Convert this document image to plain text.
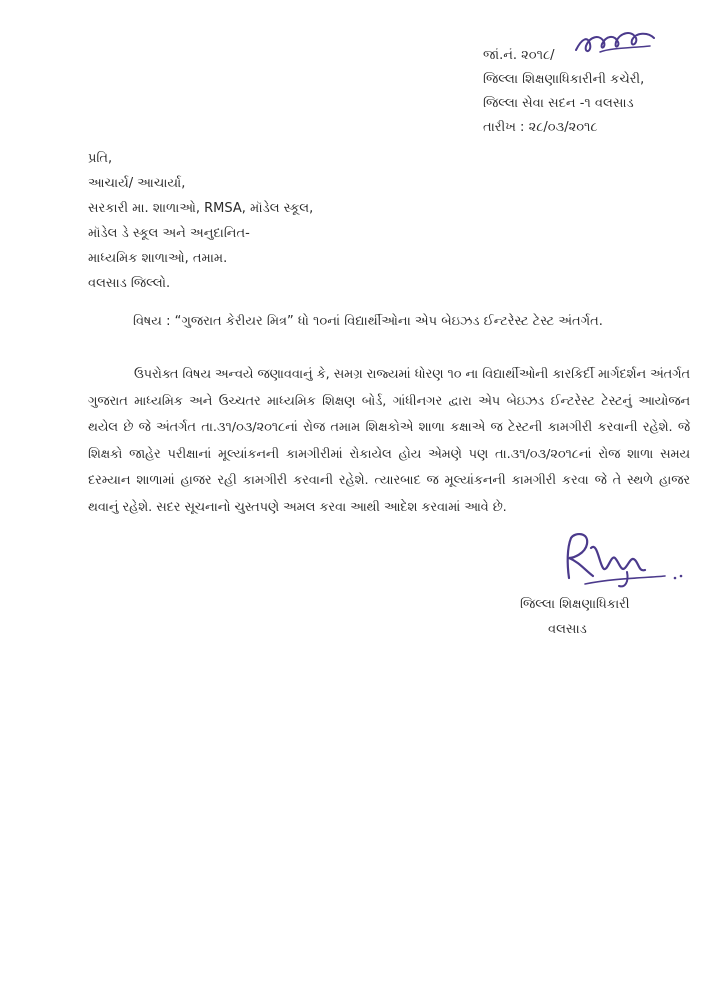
જાં.નં. ૨૦૧૮/
જિલ્લા શિક્ષણાધિકારીની કચેરી,
જિલ્લા સેવા સદન -૧ વલસાડ
તારીખ : ૨૮/૦૩/૨૦૧૮
પ્રતિ,
આચાર્ય/ આચાર્યા,
સરકારી મા. શાળાઓ, RMSA, મૉડેલ સ્કૂલ,
મૉડેલ ડે સ્કૂલ અને અનુદાનિત-
માધ્યમિક શાળાઓ, તમામ.
વલસાડ જિલ્લો.
વિષય : “ગુજરાત કેરીયર મિત્ર” ધો ૧૦નાં વિદ્યાર્થીઓના એપ બેઇઝડ ઈન્ટરેસ્ટ ટેસ્ટ અંતર્ગત.

ઉપરોક્ત વિષય અન્વયે જણાવવાનું કે, સમગ્ર રાજ્યમાં ધોરણ ૧૦ ના વિદ્યાર્થીઓની કારકિર્દી માર્ગદર્શન અંતર્ગત ગુજરાત માધ્યમિક અને ઉચ્ચતર માધ્યમિક શિક્ષણ બોર્ડ, ગાંધીનગર દ્વારા એપ બેઇઝડ ઈન્ટરેસ્ટ ટેસ્ટનું આયોજન થયેલ છે જે અંતર્ગત તા.૩૧/૦૩/૨૦૧૮નાં રોજ તમામ શિક્ષકોએ શાળા કક્ષાએ જ ટેસ્ટની કામગીરી કરવાની રહેશે. જે શિક્ષકો જાહેર પરીક્ષાનાં મૂલ્યાંકનની કામગીરીમાં રોકાયેલ હોય એમણે પણ તા.૩૧/૦૩/૨૦૧૮નાં રોજ શાળા સમય દરમ્યાન શાળામાં હાજર રહી કામગીરી કરવાની રહેશે. ત્યારબાદ જ મૂલ્યાંકનની કામગીરી કરવા જે તે સ્થળે હાજર થવાનું રહેશે. સદર સૂચનાનો ચુસ્તપણે અમલ કરવા આથી આદેશ કરવામાં આવે છે.

જિલ્લા શિક્ષણાધિકારી
વલસાડ
